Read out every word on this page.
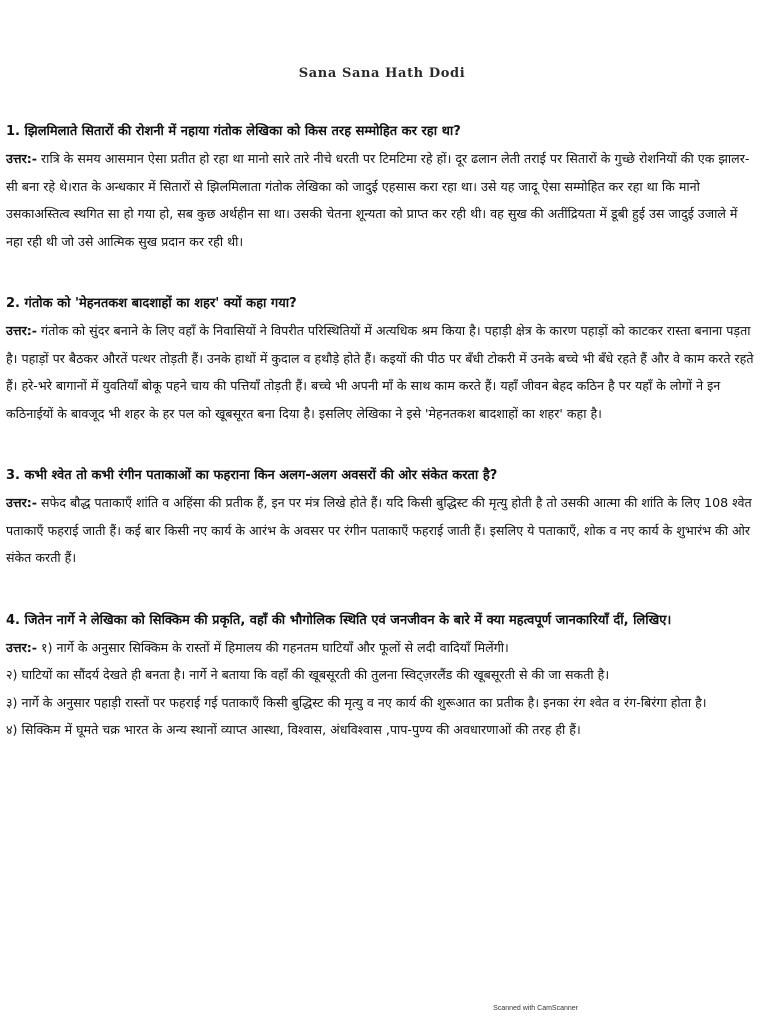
Sana Sana Hath Dodi

1. झिलमिलाते सितारों की रोशनी में नहाया गंतोक लेखिका को किस तरह सम्मोहित कर रहा था?

उत्तर:- रात्रि के समय आसमान ऐसा प्रतीत हो रहा था मानो सारे तारे नीचे धरती पर टिमटिमा रहे हों। दूर ढलान लेती तराई पर सितारों के गुच्छे रोशनियों की एक झालर-सी बना रहे थे।रात के अन्धकार में सितारों से झिलमिलाता गंतोक लेखिका को जादुई एहसास करा रहा था। उसे यह जादू ऐसा सम्मोहित कर रहा था कि मानो उसकाअस्तित्व स्थगित सा हो गया हो, सब कुछ अर्थहीन सा था। उसकी चेतना शून्यता को प्राप्त कर रही थी। वह सुख की अतींद्रियता में डूबी हुई उस जादुई उजाले में नहा रही थी जो उसे आत्मिक सुख प्रदान कर रही थी।

2. गंतोक को 'मेहनतकश बादशाहों का शहर' क्यों कहा गया?

उत्तर:- गंतोक को सुंदर बनाने के लिए वहाँ के निवासियों ने विपरीत परिस्थितियों में अत्यधिक श्रम किया है। पहाड़ी क्षेत्र के कारण पहाड़ों को काटकर रास्ता बनाना पड़ता है। पहाड़ों पर बैठकर औरतें पत्थर तोड़ती हैं। उनके हाथों में कुदाल व हथौड़े होते हैं। कइयों की पीठ पर बँधी टोकरी में उनके बच्चे भी बँधे रहते हैं और वे काम करते रहते हैं। हरे-भरे बागानों में युवतियाँ बोकू पहने चाय की पत्तियाँ तोड़ती हैं। बच्चे भी अपनी माँ के साथ काम करते हैं। यहाँ जीवन बेहद कठिन है पर यहाँ के लोगों ने इन कठिनाईयों के बावजूद भी शहर के हर पल को खूबसूरत बना दिया है। इसलिए लेखिका ने इसे 'मेहनतकश बादशाहों का शहर' कहा है।

3. कभी श्वेत तो कभी रंगीन पताकाओं का फहराना किन अलग-अलग अवसरों की ओर संकेत करता है?

उत्तर:- सफेद बौद्ध पताकाएँ शांति व अहिंसा की प्रतीक हैं, इन पर मंत्र लिखे होते हैं। यदि किसी बुद्धिस्ट की मृत्यु होती है तो उसकी आत्मा की शांति के लिए 108 श्वेत पताकाएँ फहराई जाती हैं। कई बार किसी नए कार्य के आरंभ के अवसर पर रंगीन पताकाएँ फहराई जाती हैं। इसलिए ये पताकाएँ, शोक व नए कार्य के शुभारंभ की ओर संकेत करती हैं।

4. जितेन नार्गे ने लेखिका को सिक्किम की प्रकृति, वहाँ की भौगोलिक स्थिति एवं जनजीवन के बारे में क्या महत्वपूर्ण जानकारियाँ दीं, लिखिए।

उत्तर:- १) नार्गे के अनुसार सिक्किम के रास्तों में हिमालय की गहनतम घाटियाँ और फूलों से लदी वादियाँ मिलेंगी।

२) घाटियों का सौंदर्य देखते ही बनता है। नार्गे ने बताया कि वहाँ की खूबसूरती की तुलना स्विट्ज़रलैंड की खूबसूरती से की जा सकती है।

३) नार्गे के अनुसार पहाड़ी रास्तों पर फहराई गई पताकाएँ किसी बुद्धिस्ट की मृत्यु व नए कार्य की शुरूआत का प्रतीक है। इनका रंग श्वेत व रंग-बिरंगा होता है।

४) सिक्किम में घूमते चक्र भारत के अन्य स्थानों व्याप्त आस्था, विश्वास, अंधविश्वास ,पाप-पुण्य की अवधारणाओं की तरह ही हैं।

Scanned with CamScanner
